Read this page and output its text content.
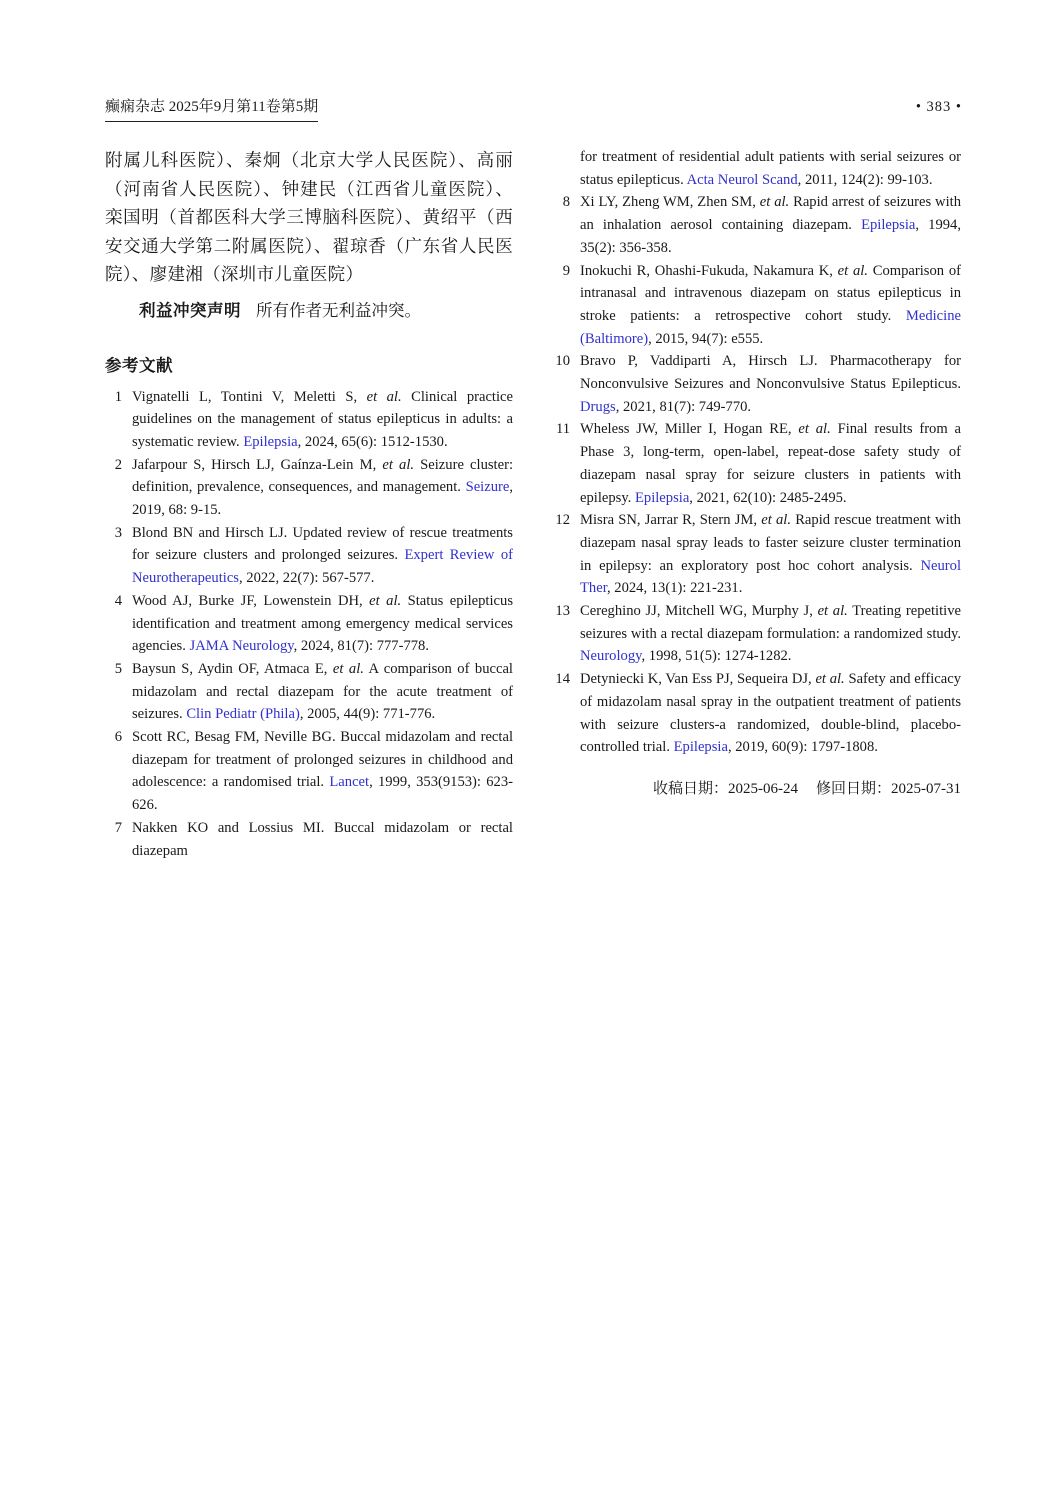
癫痫杂志 2025年9月第11卷第5期	• 383 •

附属儿科医院）、秦炯（北京大学人民医院）、高丽（河南省人民医院）、钟建民（江西省儿童医院）、栾国明（首都医科大学三博脑科医院）、黄绍平（西安交通大学第二附属医院）、翟琼香（广东省人民医院）、廖建湘（深圳市儿童医院）

利益冲突声明 所有作者无利益冲突。

参考文献
1 Vignatelli L, Tontini V, Meletti S, et al. Clinical practice guidelines on the management of status epilepticus in adults: a systematic review. Epilepsia, 2024, 65(6): 1512-1530.
2 Jafarpour S, Hirsch LJ, Gaínza-Lein M, et al. Seizure cluster: definition, prevalence, consequences, and management. Seizure, 2019, 68: 9-15.
3 Blond BN and Hirsch LJ. Updated review of rescue treatments for seizure clusters and prolonged seizures. Expert Review of Neurotherapeutics, 2022, 22(7): 567-577.
4 Wood AJ, Burke JF, Lowenstein DH, et al. Status epilepticus identification and treatment among emergency medical services agencies. JAMA Neurology, 2024, 81(7): 777-778.
5 Baysun S, Aydin OF, Atmaca E, et al. A comparison of buccal midazolam and rectal diazepam for the acute treatment of seizures. Clin Pediatr (Phila), 2005, 44(9): 771-776.
6 Scott RC, Besag FM, Neville BG. Buccal midazolam and rectal diazepam for treatment of prolonged seizures in childhood and adolescence: a randomised trial. Lancet, 1999, 353(9153): 623-626.
7 Nakken KO and Lossius MI. Buccal midazolam or rectal diazepam
for treatment of residential adult patients with serial seizures or status epilepticus. Acta Neurol Scand, 2011, 124(2): 99-103.
8 Xi LY, Zheng WM, Zhen SM, et al. Rapid arrest of seizures with an inhalation aerosol containing diazepam. Epilepsia, 1994, 35(2): 356-358.
9 Inokuchi R, Ohashi-Fukuda, Nakamura K, et al. Comparison of intranasal and intravenous diazepam on status epilepticus in stroke patients: a retrospective cohort study. Medicine (Baltimore), 2015, 94(7): e555.
10 Bravo P, Vaddiparti A, Hirsch LJ. Pharmacotherapy for Nonconvulsive Seizures and Nonconvulsive Status Epilepticus. Drugs, 2021, 81(7): 749-770.
11 Wheless JW, Miller I, Hogan RE, et al. Final results from a Phase 3, long-term, open-label, repeat-dose safety study of diazepam nasal spray for seizure clusters in patients with epilepsy. Epilepsia, 2021, 62(10): 2485-2495.
12 Misra SN, Jarrar R, Stern JM, et al. Rapid rescue treatment with diazepam nasal spray leads to faster seizure cluster termination in epilepsy: an exploratory post hoc cohort analysis. Neurol Ther, 2024, 13(1): 221-231.
13 Cereghino JJ, Mitchell WG, Murphy J, et al. Treating repetitive seizures with a rectal diazepam formulation: a randomized study. Neurology, 1998, 51(5): 1274-1282.
14 Detyniecki K, Van Ess PJ, Sequeira DJ, et al. Safety and efficacy of midazolam nasal spray in the outpatient treatment of patients with seizure clusters-a randomized, double-blind, placebo-controlled trial. Epilepsia, 2019, 60(9): 1797-1808.

收稿日期：2025-06-24 修回日期：2025-07-31
